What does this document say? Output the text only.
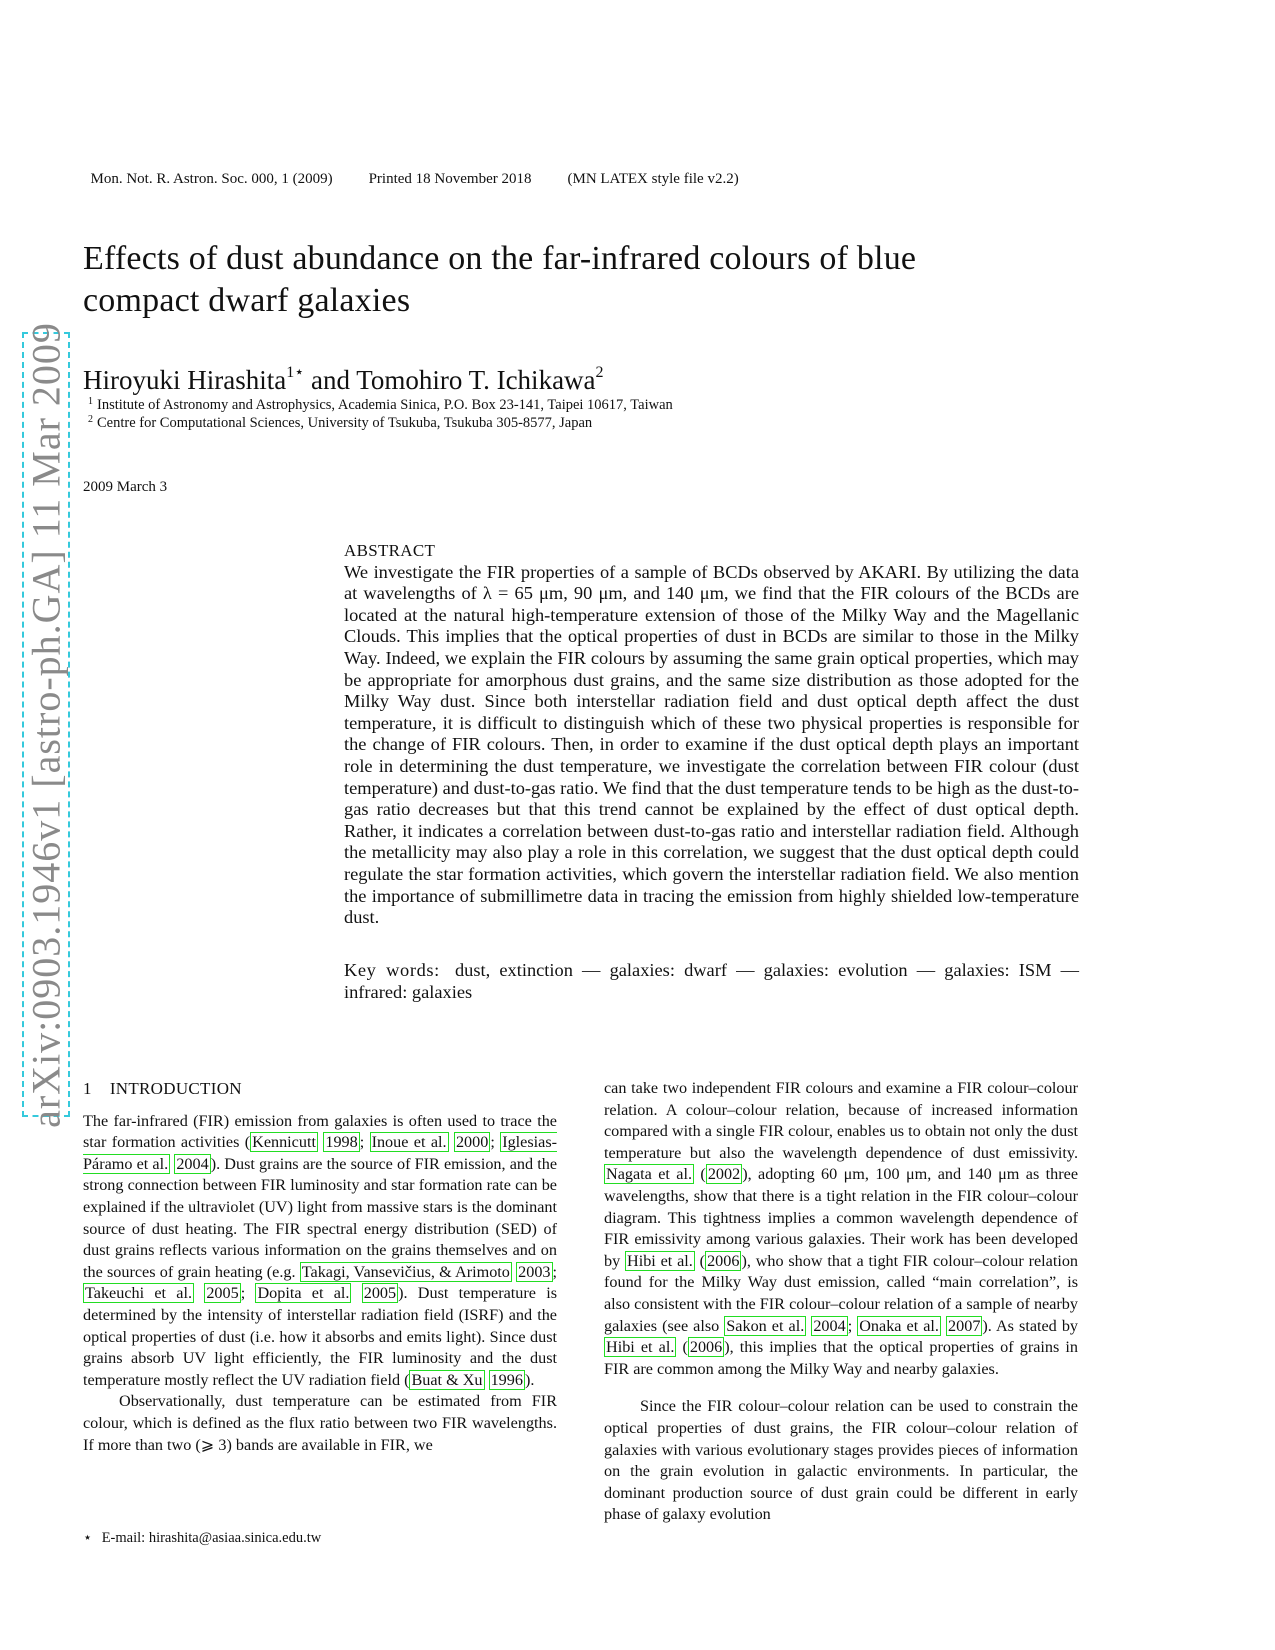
arXiv:0903.1946v1 [astro-ph.GA] 11 Mar 2009

Mon. Not. R. Astron. Soc. 000, 1 (2009) Printed 18 November 2018 (MN LATEX style file v2.2)

Effects of dust abundance on the far-infrared colours of blue
compact dwarf galaxies
Hiroyuki Hirashita$^{1⋆}$ and Tomohiro T. Ichikawa$^2$
$^1$ Institute of Astronomy and Astrophysics, Academia Sinica, P.O. Box 23-141, Taipei 10617, Taiwan
$^2$ Centre for Computational Sciences, University of Tsukuba, Tsukuba 305-8577, Japan
2009 March 3
ABSTRACT
We investigate the FIR properties of a sample of BCDs observed by AKARI. By utilizing the data at wavelengths of λ = 65 μm, 90 μm, and 140 μm, we find that the FIR colours of the BCDs are located at the natural high-temperature extension of those of the Milky Way and the Magellanic Clouds. This implies that the optical properties of dust in BCDs are similar to those in the Milky Way. Indeed, we explain the FIR colours by assuming the same grain optical properties, which may be appropriate for amorphous dust grains, and the same size distribution as those adopted for the Milky Way dust. Since both interstellar radiation field and dust optical depth affect the dust temperature, it is difficult to distinguish which of these two physical properties is responsible for the change of FIR colours. Then, in order to examine if the dust optical depth plays an important role in determining the dust temperature, we investigate the correlation between FIR colour (dust temperature) and dust-to-gas ratio. We find that the dust temperature tends to be high as the dust-to-gas ratio decreases but that this trend cannot be explained by the effect of dust optical depth. Rather, it indicates a correlation between dust-to-gas ratio and interstellar radiation field. Although the metallicity may also play a role in this correlation, we suggest that the dust optical depth could regulate the star formation activities, which govern the interstellar radiation field. We also mention the importance of submillimetre data in tracing the emission from highly shielded low-temperature dust.
Key words: dust, extinction — galaxies: dwarf — galaxies: evolution — galaxies: ISM — infrared: galaxies
1 INTRODUCTION

The far-infrared (FIR) emission from galaxies is often used to trace the star formation activities ( Kennicutt 1998 ; Inoue et al. 2000 ; Iglesias-Páramo et al. 2004 ). Dust grains are the source of FIR emission, and the strong connection between FIR luminosity and star formation rate can be explained if the ultraviolet (UV) light from massive stars is the dominant source of dust heating. The FIR spectral energy distribution (SED) of dust grains reflects various information on the grains themselves and on the sources of grain heating (e.g. Takagi, Vansevičius, & Arimoto 2003 ; Takeuchi et al. 2005 ; Dopita et al. 2005 ). Dust temperature is determined by the intensity of interstellar radiation field (ISRF) and the optical properties of dust (i.e. how it absorbs and emits light). Since dust grains absorb UV light efficiently, the FIR luminosity and the dust temperature mostly reflect the UV radiation field ( Buat & Xu 1996 ).

Observationally, dust temperature can be estimated from FIR colour, which is defined as the flux ratio between two FIR wavelengths. If more than two (⩾ 3) bands are available in FIR, we

can take two independent FIR colours and examine a FIR colour–colour relation. A colour–colour relation, because of increased information compared with a single FIR colour, enables us to obtain not only the dust temperature but also the wavelength dependence of dust emissivity. Nagata et al. ( 2002 ), adopting 60 μm, 100 μm, and 140 μm as three wavelengths, show that there is a tight relation in the FIR colour–colour diagram. This tightness implies a common wavelength dependence of FIR emissivity among various galaxies. Their work has been developed by Hibi et al. ( 2006 ), who show that a tight FIR colour–colour relation found for the Milky Way dust emission, called “main correlation”, is also consistent with the FIR colour–colour relation of a sample of nearby galaxies (see also Sakon et al. 2004 ; Onaka et al. 2007 ). As stated by Hibi et al. ( 2006 ), this implies that the optical properties of grains in FIR are common among the Milky Way and nearby galaxies.

Since the FIR colour–colour relation can be used to constrain the optical properties of dust grains, the FIR colour–colour relation of galaxies with various evolutionary stages provides pieces of information on the grain evolution in galactic environments. In particular, the dominant production source of dust grain could be different in early phase of galaxy evolution

⋆ E-mail: hirashita@asiaa.sinica.edu.tw
